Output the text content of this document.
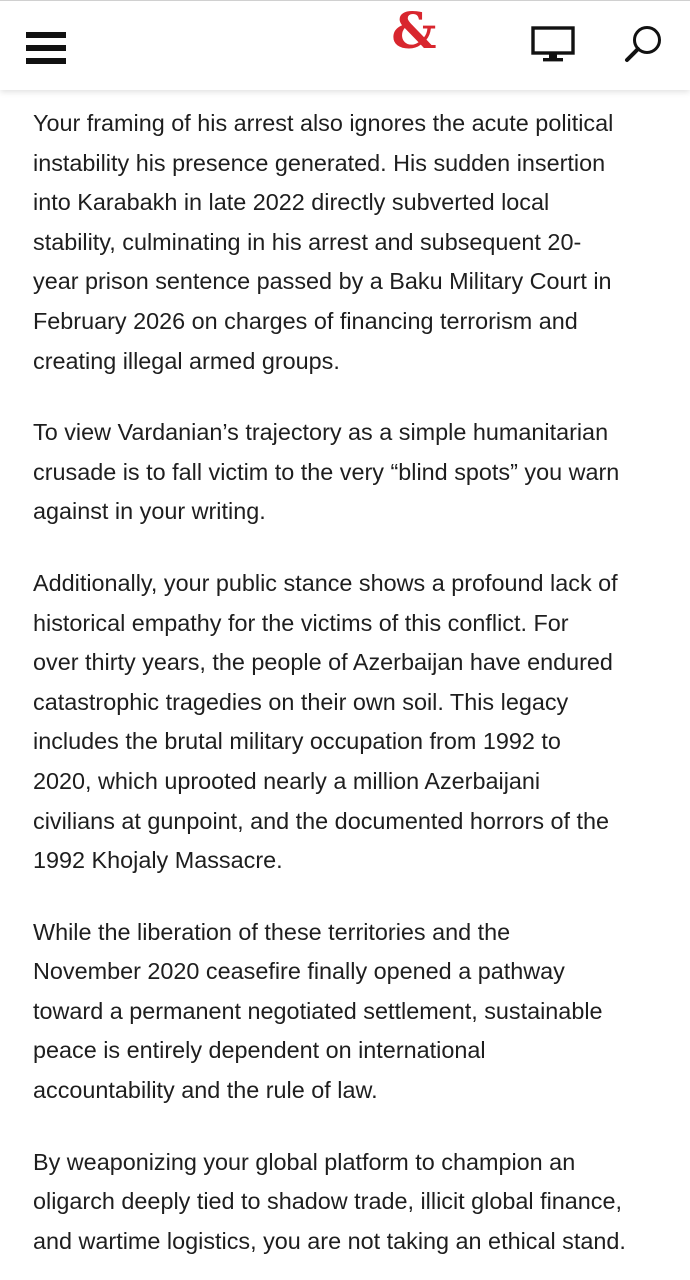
&

Your framing of his arrest also ignores the acute political
instability his presence generated. His sudden insertion
into Karabakh in late 2022 directly subverted local
stability, culminating in his arrest and subsequent 20-
year prison sentence passed by a Baku Military Court in
February 2026 on charges of financing terrorism and
creating illegal armed groups.

To view Vardanian’s trajectory as a simple humanitarian
crusade is to fall victim to the very “blind spots” you warn
against in your writing.

Additionally, your public stance shows a profound lack of
historical empathy for the victims of this conflict. For
over thirty years, the people of Azerbaijan have endured
catastrophic tragedies on their own soil. This legacy
includes the brutal military occupation from 1992 to
2020, which uprooted nearly a million Azerbaijani
civilians at gunpoint, and the documented horrors of the
1992 Khojaly Massacre.

While the liberation of these territories and the
November 2020 ceasefire finally opened a pathway
toward a permanent negotiated settlement, sustainable
peace is entirely dependent on international
accountability and the rule of law.

By weaponizing your global platform to champion an
oligarch deeply tied to shadow trade, illicit global finance,
and wartime logistics, you are not taking an ethical stand.
